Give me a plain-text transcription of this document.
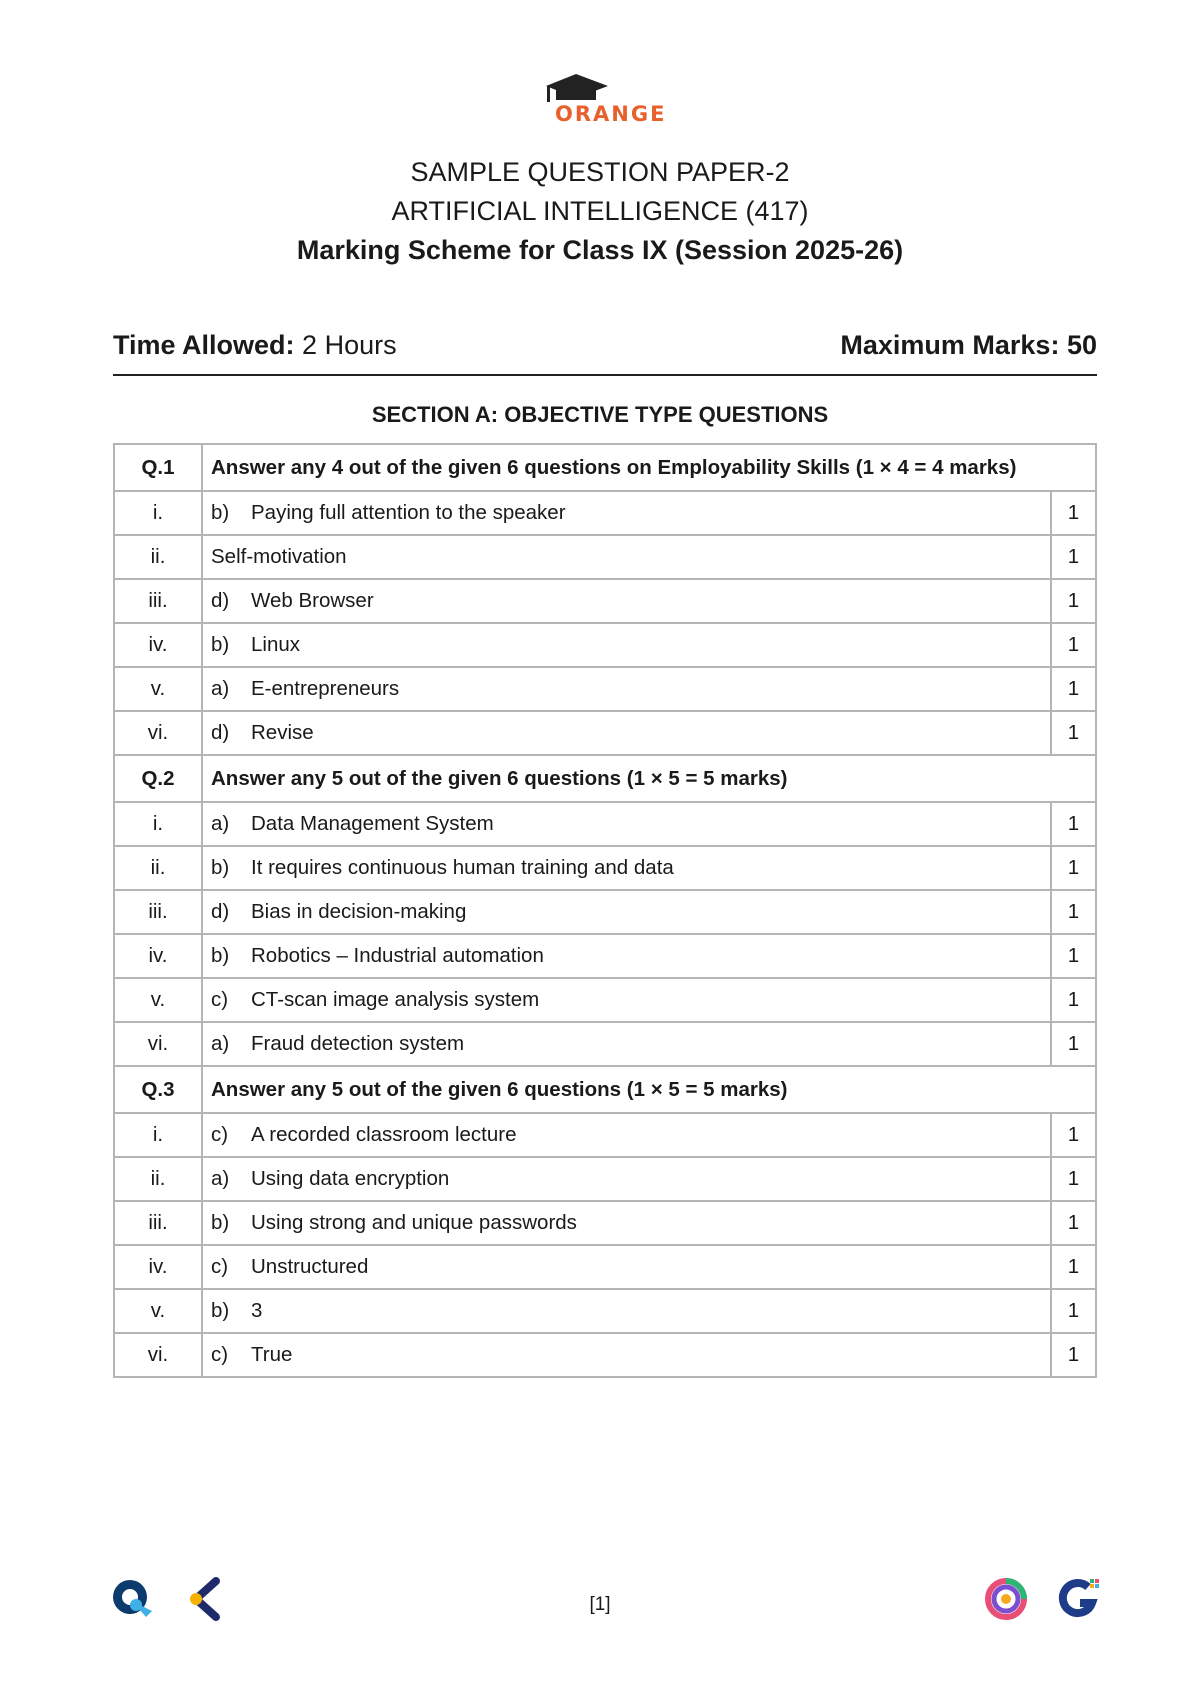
ORANGE
SAMPLE QUESTION PAPER-2
ARTIFICIAL INTELLIGENCE (417)
Marking Scheme for Class IX (Session 2025-26)
Time Allowed: 2 Hours	Maximum Marks: 50
SECTION A: OBJECTIVE TYPE QUESTIONS
Q.1	Answer any 4 out of the given 6 questions on Employability Skills (1 × 4 = 4 marks)	
i.	b) Paying full attention to the speaker	1
ii.	Self-motivation	1
iii.	d) Web Browser	1
iv.	b) Linux	1
v.	a) E-entrepreneurs	1
vi.	d) Revise	1
Q.2	Answer any 5 out of the given 6 questions (1 × 5 = 5 marks)	
i.	a) Data Management System	1
ii.	b) It requires continuous human training and data	1
iii.	d) Bias in decision-making	1
iv.	b) Robotics – Industrial automation	1
v.	c) CT-scan image analysis system	1
vi.	a) Fraud detection system	1
Q.3	Answer any 5 out of the given 6 questions (1 × 5 = 5 marks)	
i.	c) A recorded classroom lecture	1
ii.	a) Using data encryption	1
iii.	b) Using strong and unique passwords	1
iv.	c) Unstructured	1
v.	b) 3	1
vi.	c) True	1
[1]
